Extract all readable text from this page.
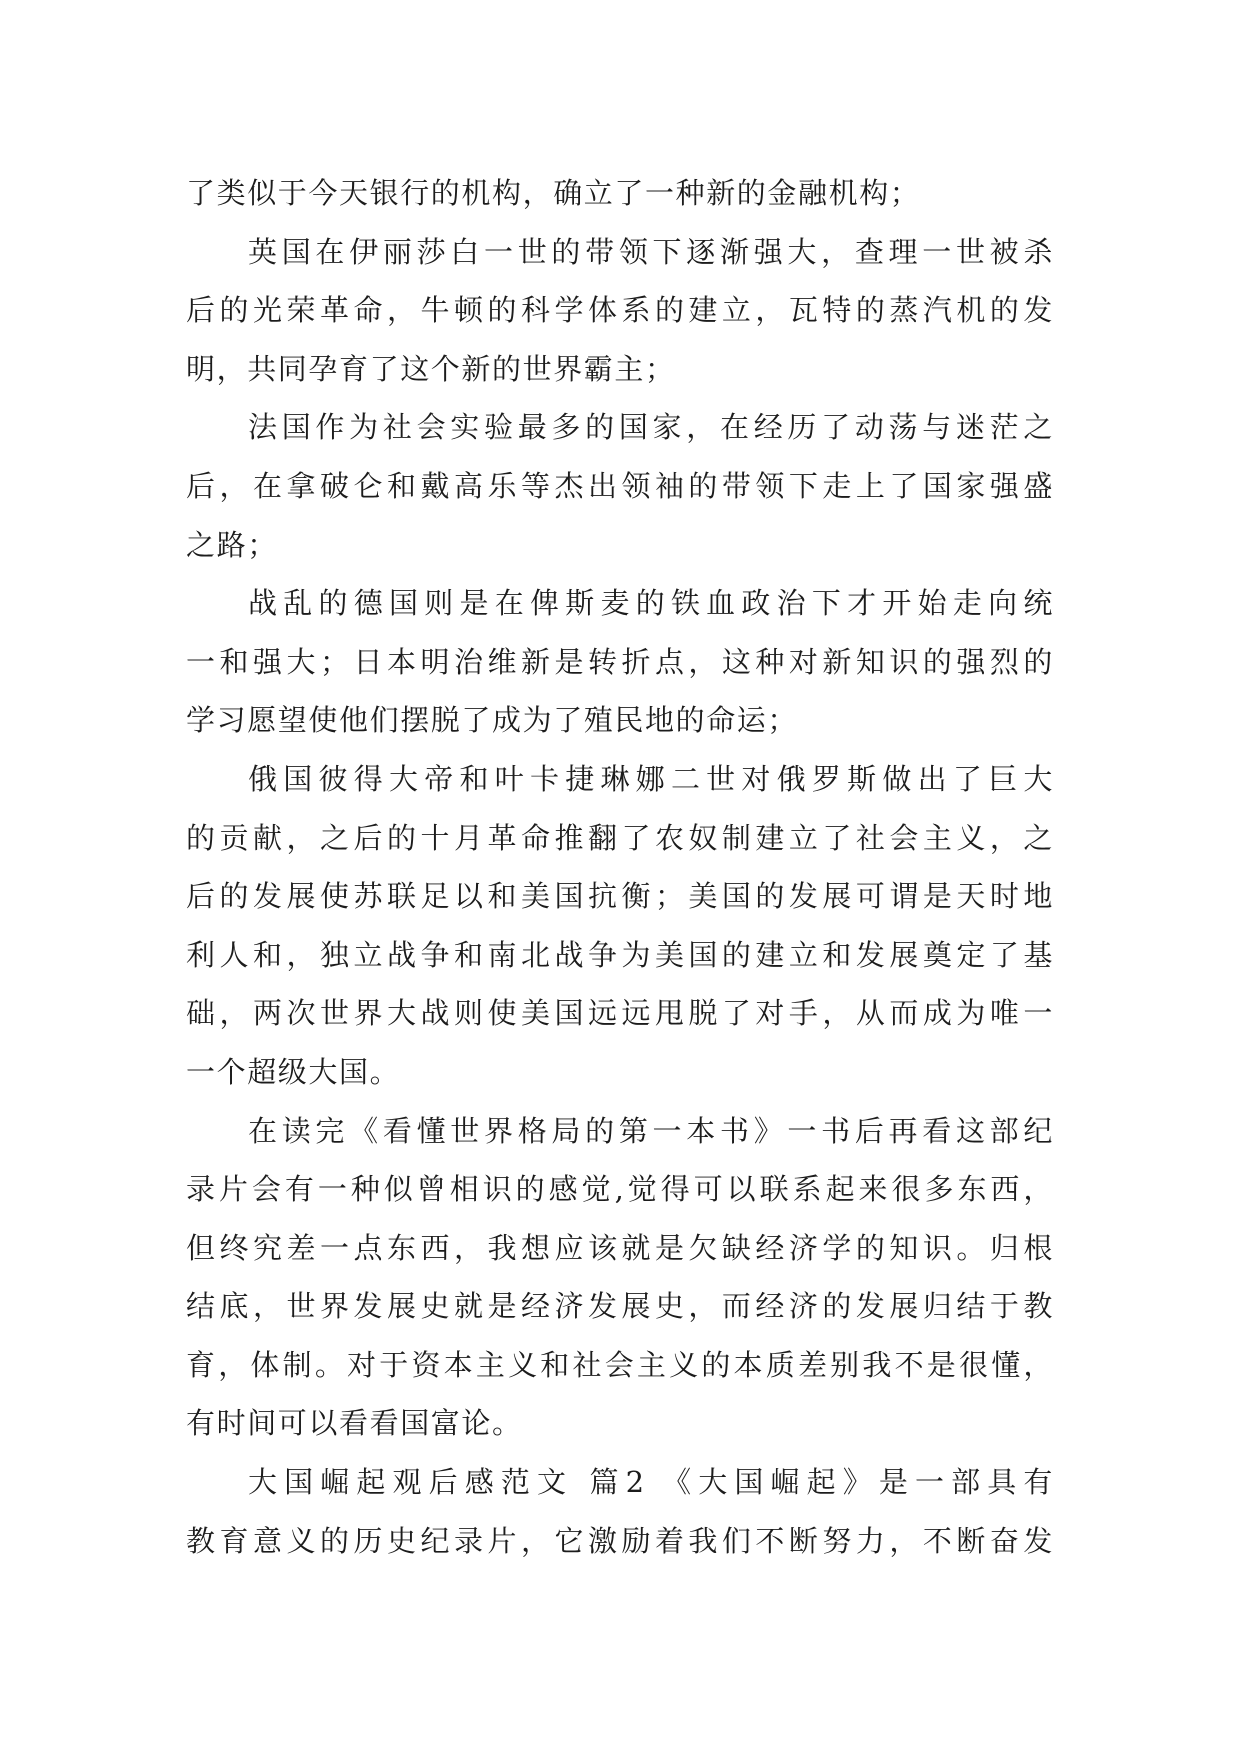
了类似于今天银行的机构，确立了一种新的金融机构；
英国在伊丽莎白一世的带领下逐渐强大，查理一世被杀
后的光荣革命，牛顿的科学体系的建立，瓦特的蒸汽机的发
明，共同孕育了这个新的世界霸主；
法国作为社会实验最多的国家，在经历了动荡与迷茫之
后，在拿破仑和戴高乐等杰出领袖的带领下走上了国家强盛
之路；
战乱的德国则是在俾斯麦的铁血政治下才开始走向统
一和强大；日本明治维新是转折点，这种对新知识的强烈的
学习愿望使他们摆脱了成为了殖民地的命运；
俄国彼得大帝和叶卡捷琳娜二世对俄罗斯做出了巨大
的贡献，之后的十月革命推翻了农奴制建立了社会主义，之
后的发展使苏联足以和美国抗衡；美国的发展可谓是天时地
利人和，独立战争和南北战争为美国的建立和发展奠定了基
础，两次世界大战则使美国远远甩脱了对手，从而成为唯一
一个超级大国。
在读完《看懂世界格局的第一本书》一书后再看这部纪
录片会有一种似曾相识的感觉,觉得可以联系起来很多东西，
但终究差一点东西，我想应该就是欠缺经济学的知识。归根
结底，世界发展史就是经济发展史，而经济的发展归结于教
育，体制。对于资本主义和社会主义的本质差别我不是很懂，
有时间可以看看国富论。
大国崛起观后感范文 篇2 《大国崛起》是一部具有
教育意义的历史纪录片，它激励着我们不断努力，不断奋发
